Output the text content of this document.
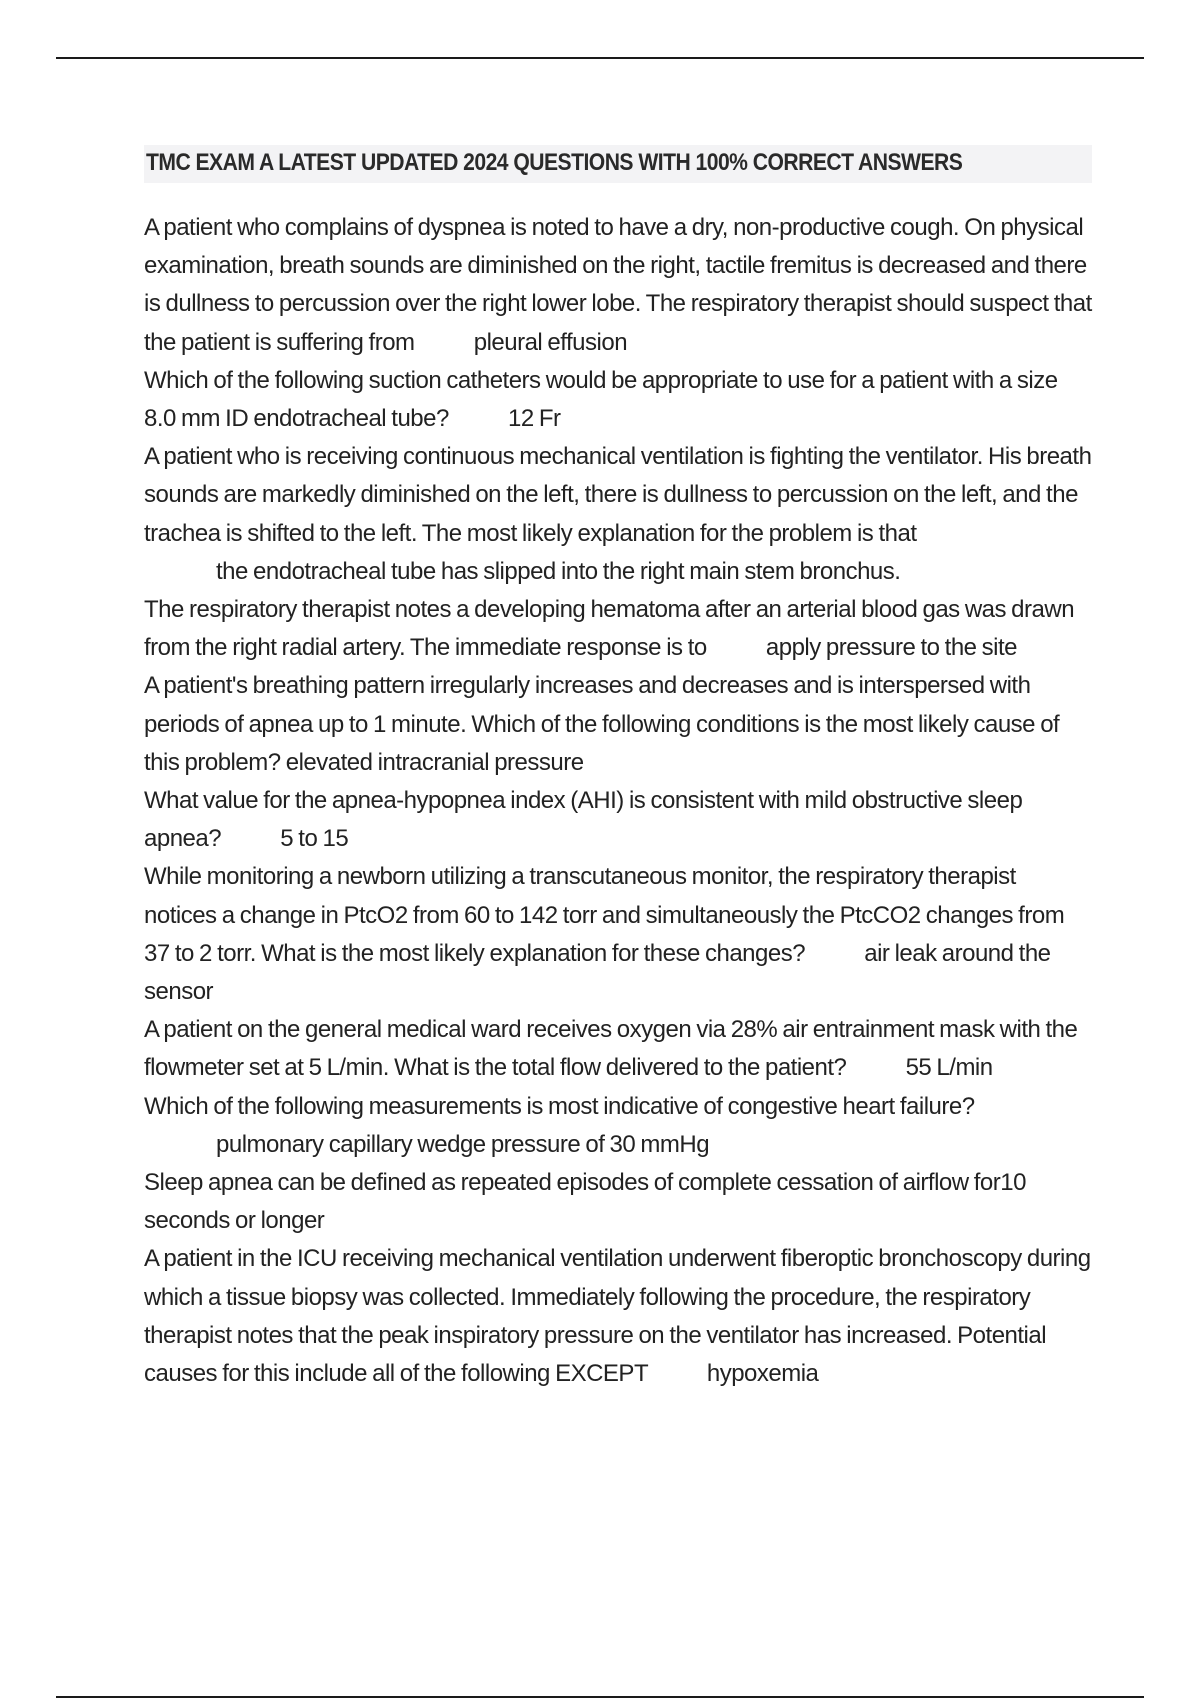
TMC EXAM A LATEST UPDATED 2024 QUESTIONS WITH 100% CORRECT ANSWERS

A patient who complains of dyspnea is noted to have a dry, non-productive cough. On physical examination, breath sounds are diminished on the right, tactile fremitus is decreased and there is dullness to percussion over the right lower lobe. The respiratory therapist should suspect that the patient is suffering from pleural effusion

Which of the following suction catheters would be appropriate to use for a patient with a size 8.0 mm ID endotracheal tube? 12 Fr

A patient who is receiving continuous mechanical ventilation is fighting the ventilator. His breath sounds are markedly diminished on the left, there is dullness to percussion on the left, and the trachea is shifted to the left. The most likely explanation for the problem is that
the endotracheal tube has slipped into the right main stem bronchus.

The respiratory therapist notes a developing hematoma after an arterial blood gas was drawn from the right radial artery. The immediate response is to apply pressure to the site

A patient's breathing pattern irregularly increases and decreases and is interspersed with periods of apnea up to 1 minute. Which of the following conditions is the most likely cause of this problem? elevated intracranial pressure

What value for the apnea-hypopnea index (AHI) is consistent with mild obstructive sleep apnea? 5 to 15

While monitoring a newborn utilizing a transcutaneous monitor, the respiratory therapist notices a change in PtcO2 from 60 to 142 torr and simultaneously the PtcCO2 changes from 37 to 2 torr. What is the most likely explanation for these changes? air leak around the sensor

A patient on the general medical ward receives oxygen via 28% air entrainment mask with the flowmeter set at 5 L/min. What is the total flow delivered to the patient? 55 L/min

Which of the following measurements is most indicative of congestive heart failure?
pulmonary capillary wedge pressure of 30 mmHg

Sleep apnea can be defined as repeated episodes of complete cessation of airflow for10 seconds or longer

A patient in the ICU receiving mechanical ventilation underwent fiberoptic bronchoscopy during which a tissue biopsy was collected. Immediately following the procedure, the respiratory therapist notes that the peak inspiratory pressure on the ventilator has increased. Potential causes for this include all of the following EXCEPT hypoxemia
